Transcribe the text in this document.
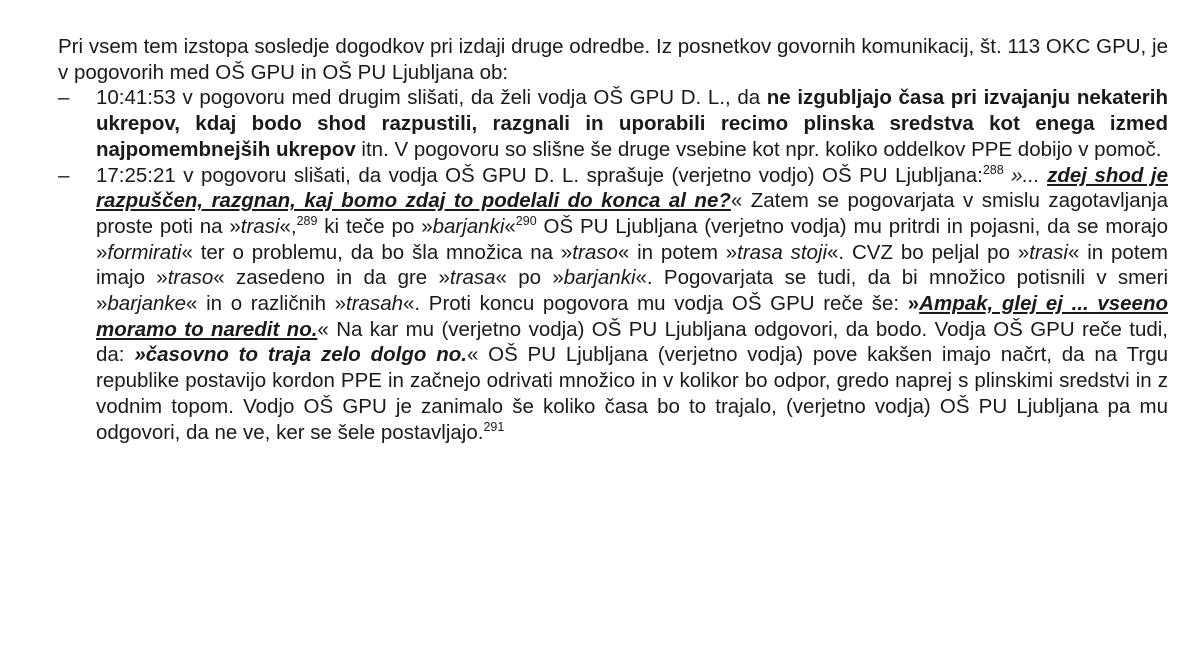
Pri vsem tem izstopa sosledje dogodkov pri izdaji druge odredbe. Iz posnetkov govornih komunikacij, št. 113 OKC GPU, je v pogovorih med OŠ GPU in OŠ PU Ljubljana ob:

– 10:41:53 v pogovoru med drugim slišati, da želi vodja OŠ GPU D. L., da ne izgubljajo časa pri izvajanju nekaterih ukrepov, kdaj bodo shod razpustili, razgnali in uporabili recimo plinska sredstva kot enega izmed najpomembnejših ukrepov itn. V pogovoru so slišne še druge vsebine kot npr. koliko oddelkov PPE dobijo v pomoč.
– 17:25:21 v pogovoru slišati, da vodja OŠ GPU D. L. sprašuje (verjetno vodjo) OŠ PU Ljubljana:$^{288}$ »... zdej shod je razpuščen, razgnan, kaj bomo zdaj to podelali do konca al ne?« Zatem se pogovarjata v smislu zagotavljanja proste poti na »trasi«,$^{289}$ ki teče po »barjanki«$^{290}$ OŠ PU Ljubljana (verjetno vodja) mu pritrdi in pojasni, da se morajo »formirati« ter o problemu, da bo šla množica na »traso« in potem »trasa stoji«. CVZ bo peljal po »trasi« in potem imajo »traso« zasedeno in da gre »trasa« po »barjanki«. Pogovarjata se tudi, da bi množico potisnili v smeri »barjanke« in o različnih »trasah«. Proti koncu pogovora mu vodja OŠ GPU reče še: »Ampak, glej ej ... vseeno moramo to naredit no.« Na kar mu (verjetno vodja) OŠ PU Ljubljana odgovori, da bodo. Vodja OŠ GPU reče tudi, da: »časovno to traja zelo dolgo no.« OŠ PU Ljubljana (verjetno vodja) pove kakšen imajo načrt, da na Trgu republike postavijo kordon PPE in začnejo odrivati množico in v kolikor bo odpor, gredo naprej s plinskimi sredstvi in z vodnim topom. Vodjo OŠ GPU je zanimalo še koliko časa bo to trajalo, (verjetno vodja) OŠ PU Ljubljana pa mu odgovori, da ne ve, ker se šele postavljajo.$^{291}$
